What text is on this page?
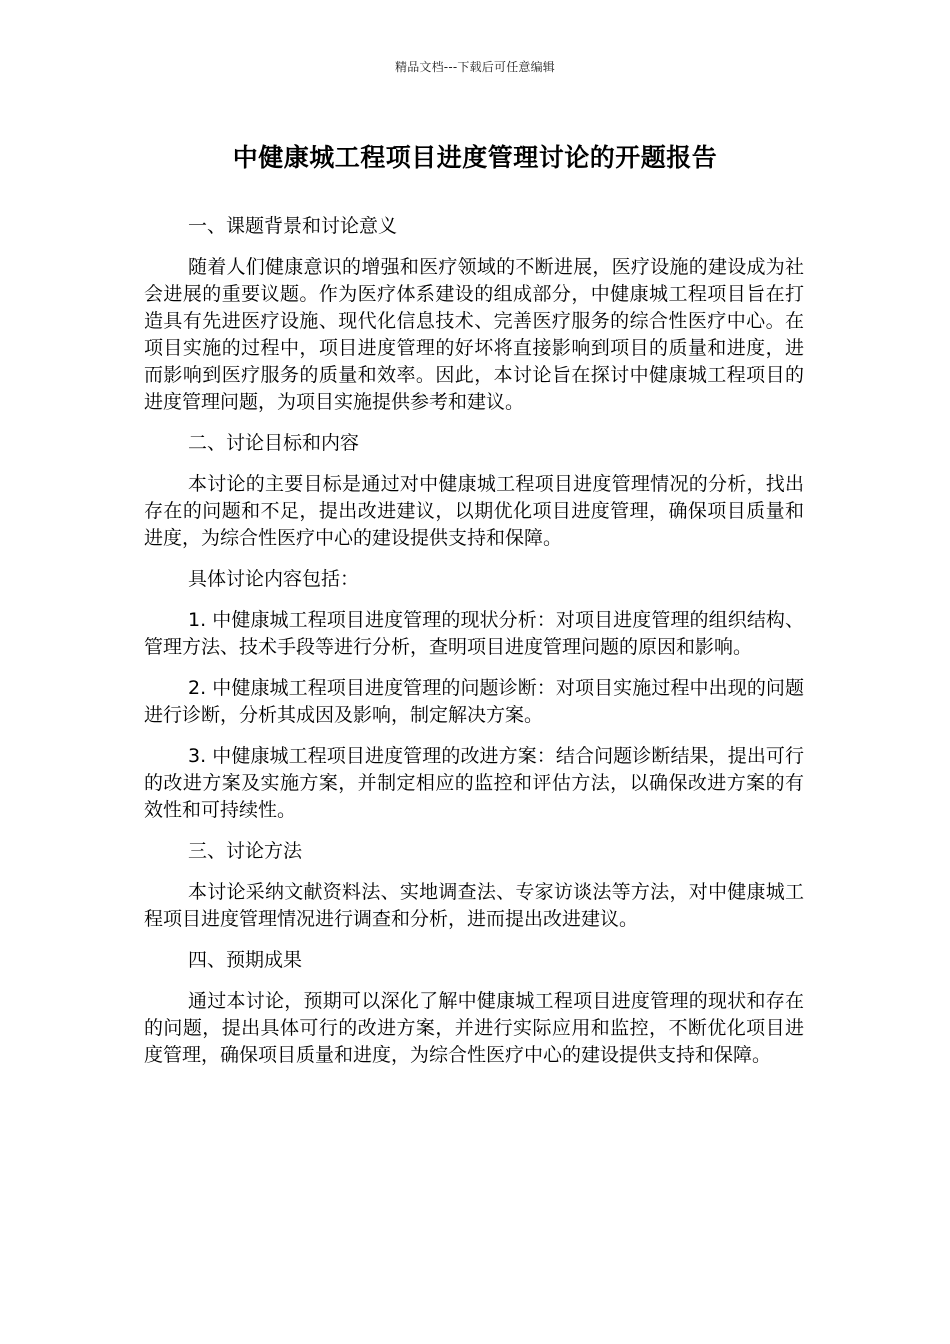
精品文档---下载后可任意编辑
中健康城工程项目进度管理讨论的开题报告

一、课题背景和讨论意义

随着人们健康意识的增强和医疗领域的不断进展，医疗设施的建设成为社会进展的重要议题。作为医疗体系建设的组成部分，中健康城工程项目旨在打造具有先进医疗设施、现代化信息技术、完善医疗服务的综合性医疗中心。在项目实施的过程中，项目进度管理的好坏将直接影响到项目的质量和进度，进而影响到医疗服务的质量和效率。因此，本讨论旨在探讨中健康城工程项目的进度管理问题，为项目实施提供参考和建议。

二、讨论目标和内容

本讨论的主要目标是通过对中健康城工程项目进度管理情况的分析，找出存在的问题和不足，提出改进建议，以期优化项目进度管理，确保项目质量和进度，为综合性医疗中心的建设提供支持和保障。

具体讨论内容包括：

1. 中健康城工程项目进度管理的现状分析：对项目进度管理的组织结构、管理方法、技术手段等进行分析，查明项目进度管理问题的原因和影响。

2. 中健康城工程项目进度管理的问题诊断：对项目实施过程中出现的问题进行诊断，分析其成因及影响，制定解决方案。

3. 中健康城工程项目进度管理的改进方案：结合问题诊断结果，提出可行的改进方案及实施方案，并制定相应的监控和评估方法，以确保改进方案的有效性和可持续性。

三、讨论方法

本讨论采纳文献资料法、实地调查法、专家访谈法等方法，对中健康城工程项目进度管理情况进行调查和分析，进而提出改进建议。

四、预期成果

通过本讨论，预期可以深化了解中健康城工程项目进度管理的现状和存在的问题，提出具体可行的改进方案，并进行实际应用和监控，不断优化项目进度管理，确保项目质量和进度，为综合性医疗中心的建设提供支持和保障。
